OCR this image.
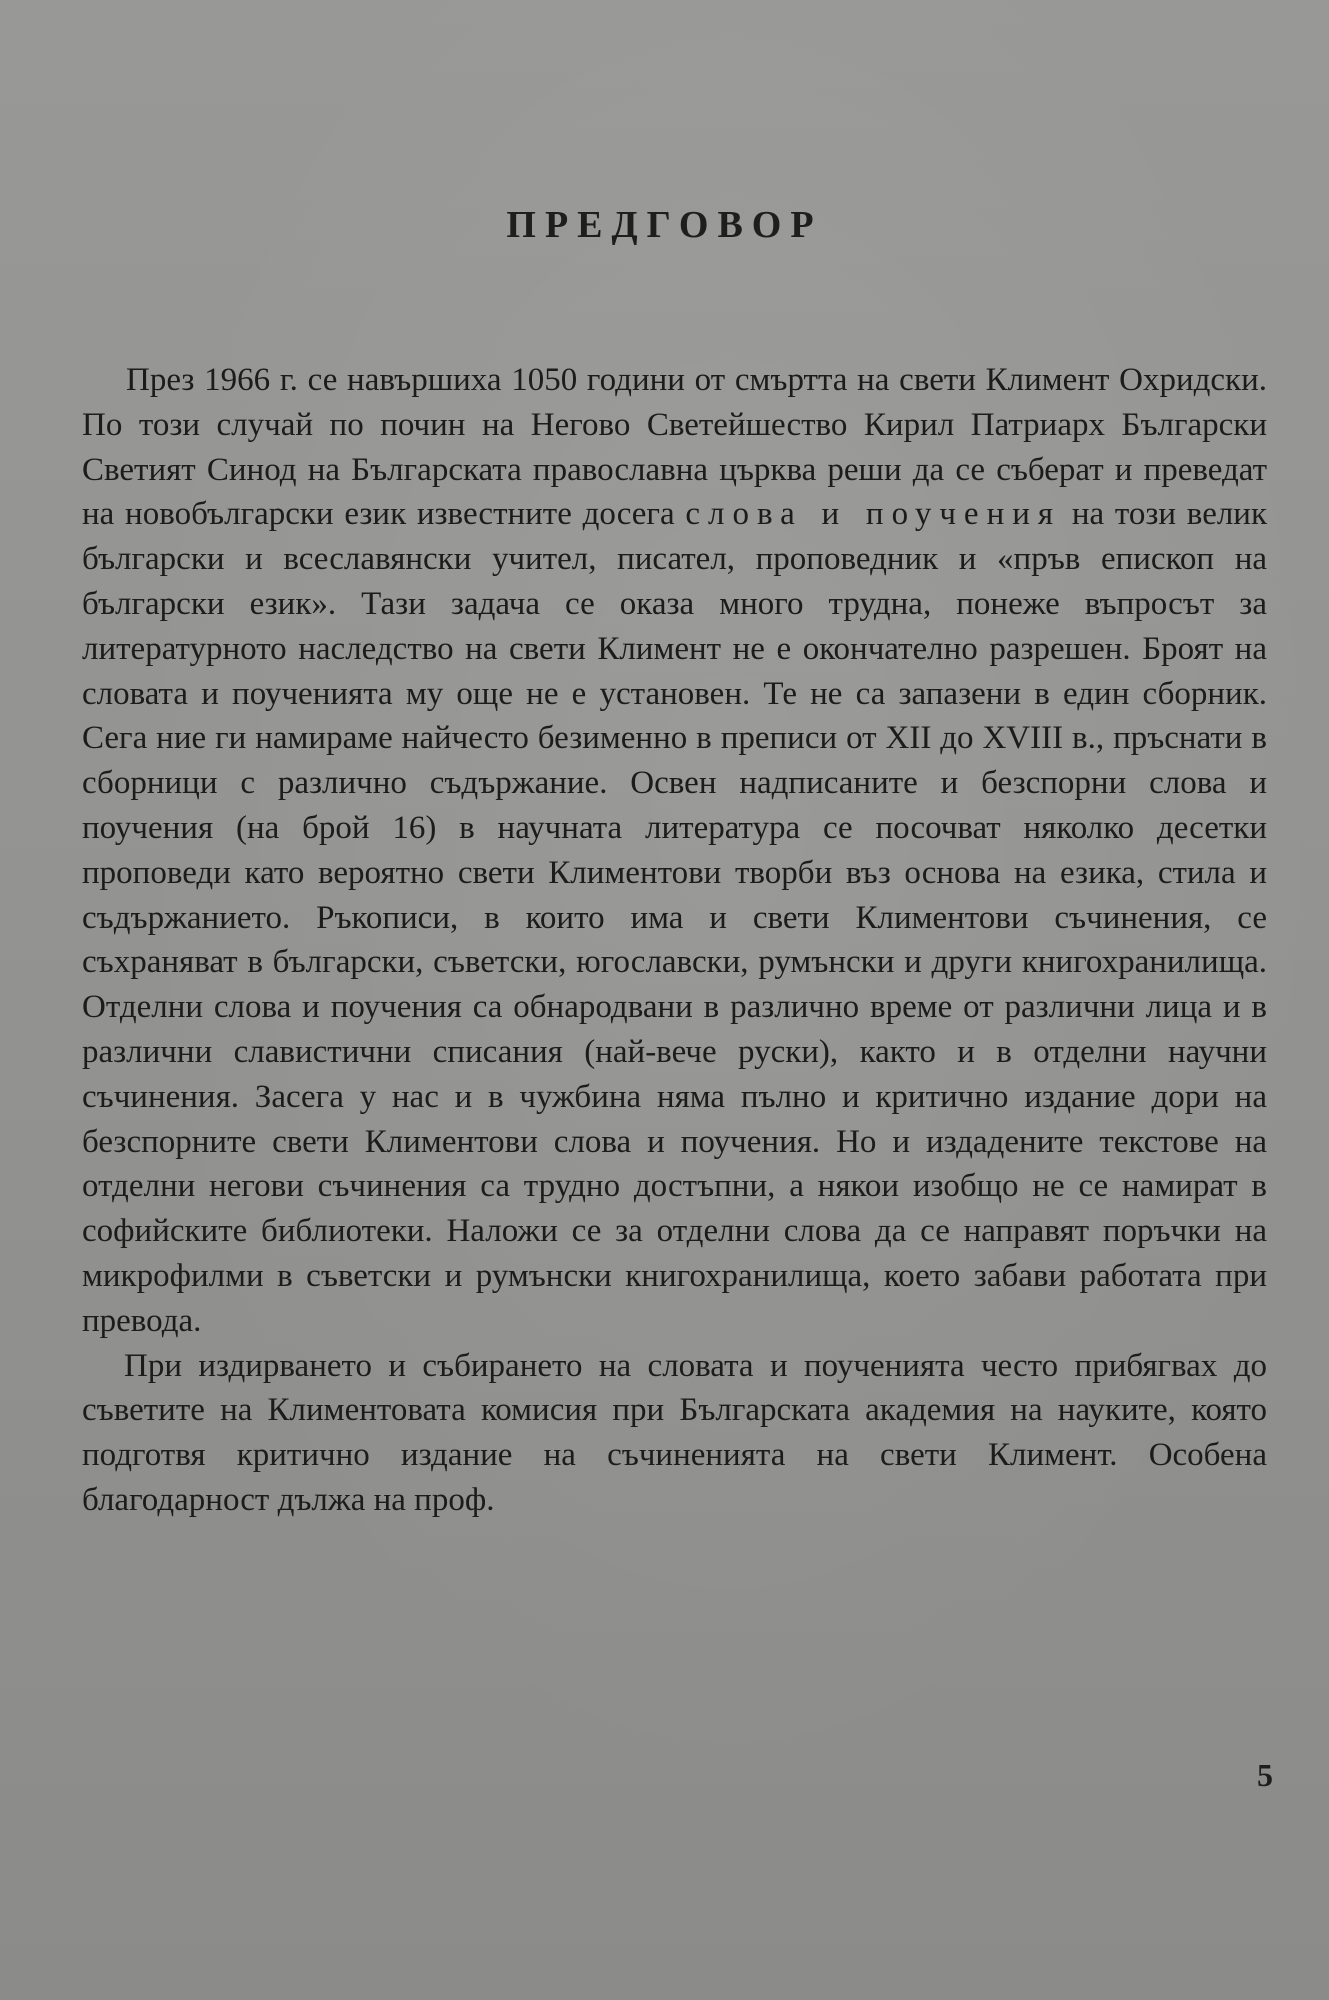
ПРЕДГОВОР

През 1966 г. се навършиха 1050 години от смъртта на свети Климент Охридски. По този случай по почин на Негово Светейшество Кирил Патриарх Български Светият Синод на Българската православна църква реши да се съберат и преведат на новобългарски език известните досега слова и поучения на този велик български и всеславянски учител, писател, проповедник и «пръв епископ на български език». Тази задача се оказа много трудна, понеже въпросът за литературното наследство на свети Климент не е окончателно разрешен. Броят на словата и поученията му още не е установен. Те не са запазени в един сборник. Сега ние ги намираме найчесто безименно в преписи от XII до XVIII в., пръснати в сборници с различно съдържание. Освен надписаните и безспорни слова и поучения (на брой 16) в научната литература се посочват няколко десетки проповеди като вероятно свети Климентови творби въз основа на езика, стила и съдържанието. Ръкописи, в които има и свети Климентови съчинения, се съхраняват в български, съветски, югославски, румънски и други книгохранилища. Отделни слова и поучения са обнародвани в различно време от различни лица и в различни славистични списания (най-вече руски), както и в отделни научни съчинения. Засега у нас и в чужбина няма пълно и критично издание дори на безспорните свети Климентови слова и поучения. Но и издадените текстове на отделни негови съчинения са трудно достъпни, а някои изобщо не се намират в софийските библиотеки. Наложи се за отделни слова да се направят поръчки на микрофилми в съветски и румънски книгохранилища, което забави работата при превода.

При издирването и събирането на словата и поученията често прибягвах до съветите на Климентовата комисия при Българската академия на науките, която подготвя критично издание на съчиненията на свети Климент. Особена благодарност дължа на проф.

5
